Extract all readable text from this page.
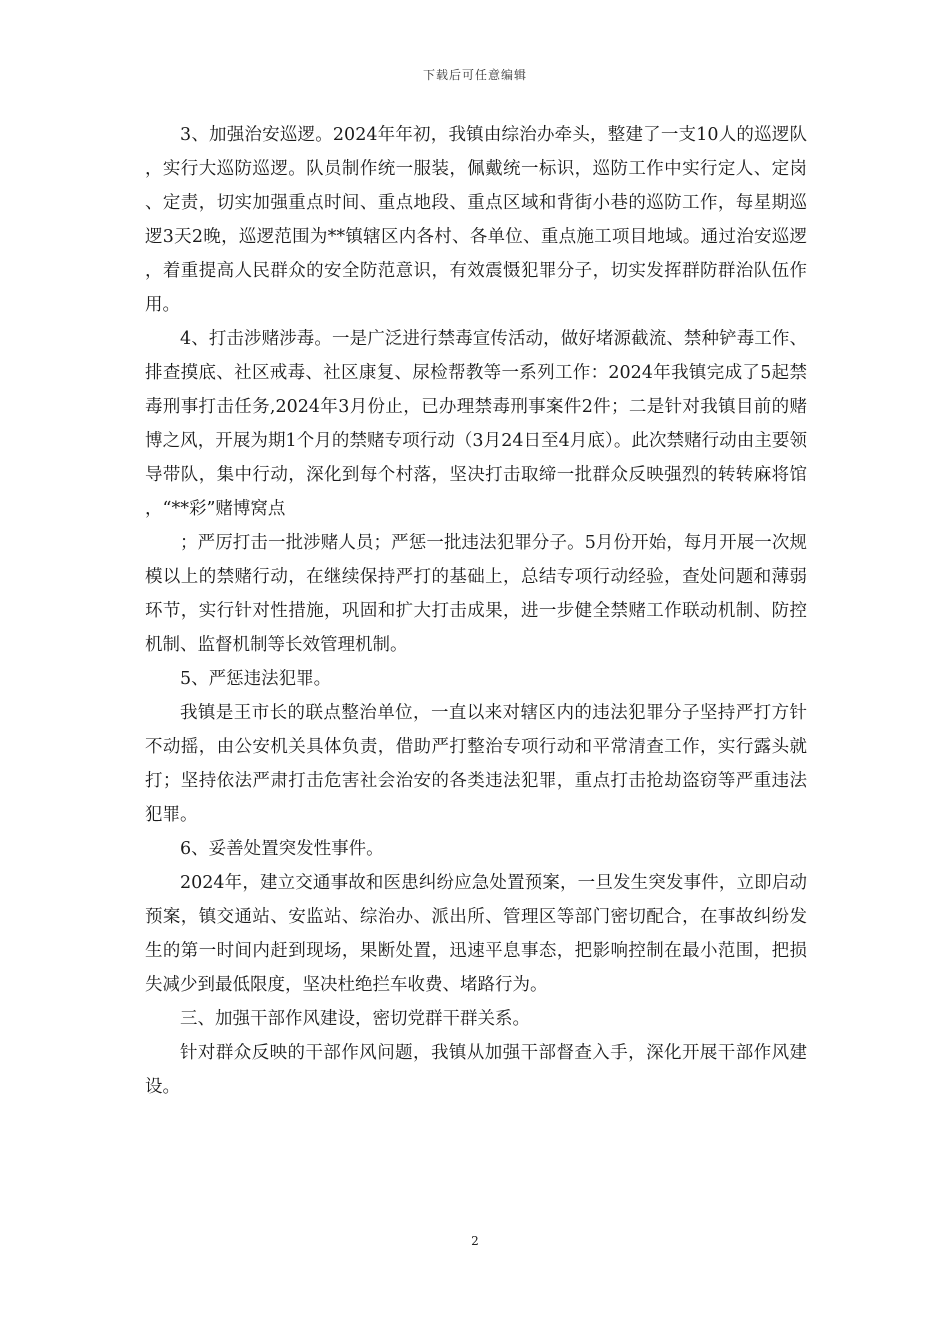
下载后可任意编辑

3、加强治安巡逻。2024年年初，我镇由综治办牵头，整建了一支10人的巡逻队，实行大巡防巡逻。队员制作统一服装，佩戴统一标识，巡防工作中实行定人、定岗、定责，切实加强重点时间、重点地段、重点区域和背街小巷的巡防工作，每星期巡逻3天2晚，巡逻范围为**镇辖区内各村、各单位、重点施工项目地域。通过治安巡逻，着重提高人民群众的安全防范意识，有效震慑犯罪分子，切实发挥群防群治队伍作用。

4、打击涉赌涉毒。一是广泛进行禁毒宣传活动，做好堵源截流、禁种铲毒工作、排查摸底、社区戒毒、社区康复、尿检帮教等一系列工作：2024年我镇完成了5起禁毒刑事打击任务,2024年3月份止，已办理禁毒刑事案件2件；二是针对我镇目前的赌博之风，开展为期1个月的禁赌专项行动（3月24日至4月底）。此次禁赌行动由主要领导带队，集中行动，深化到每个村落，坚决打击取缔一批群众反映强烈的转转麻将馆，“**彩”赌博窝点

；严厉打击一批涉赌人员；严惩一批违法犯罪分子。5月份开始，每月开展一次规模以上的禁赌行动，在继续保持严打的基础上，总结专项行动经验，查处问题和薄弱环节，实行针对性措施，巩固和扩大打击成果，进一步健全禁赌工作联动机制、防控机制、监督机制等长效管理机制。

5、严惩违法犯罪。

我镇是王市长的联点整治单位，一直以来对辖区内的违法犯罪分子坚持严打方针不动摇，由公安机关具体负责，借助严打整治专项行动和平常清查工作，实行露头就打；坚持依法严肃打击危害社会治安的各类违法犯罪，重点打击抢劫盗窃等严重违法犯罪。

6、妥善处置突发性事件。

2024年，建立交通事故和医患纠纷应急处置预案，一旦发生突发事件，立即启动预案，镇交通站、安监站、综治办、派出所、管理区等部门密切配合，在事故纠纷发生的第一时间内赶到现场，果断处置，迅速平息事态，把影响控制在最小范围，把损失减少到最低限度，坚决杜绝拦车收费、堵路行为。

三、加强干部作风建设，密切党群干群关系。

针对群众反映的干部作风问题，我镇从加强干部督查入手，深化开展干部作风建设。

2
